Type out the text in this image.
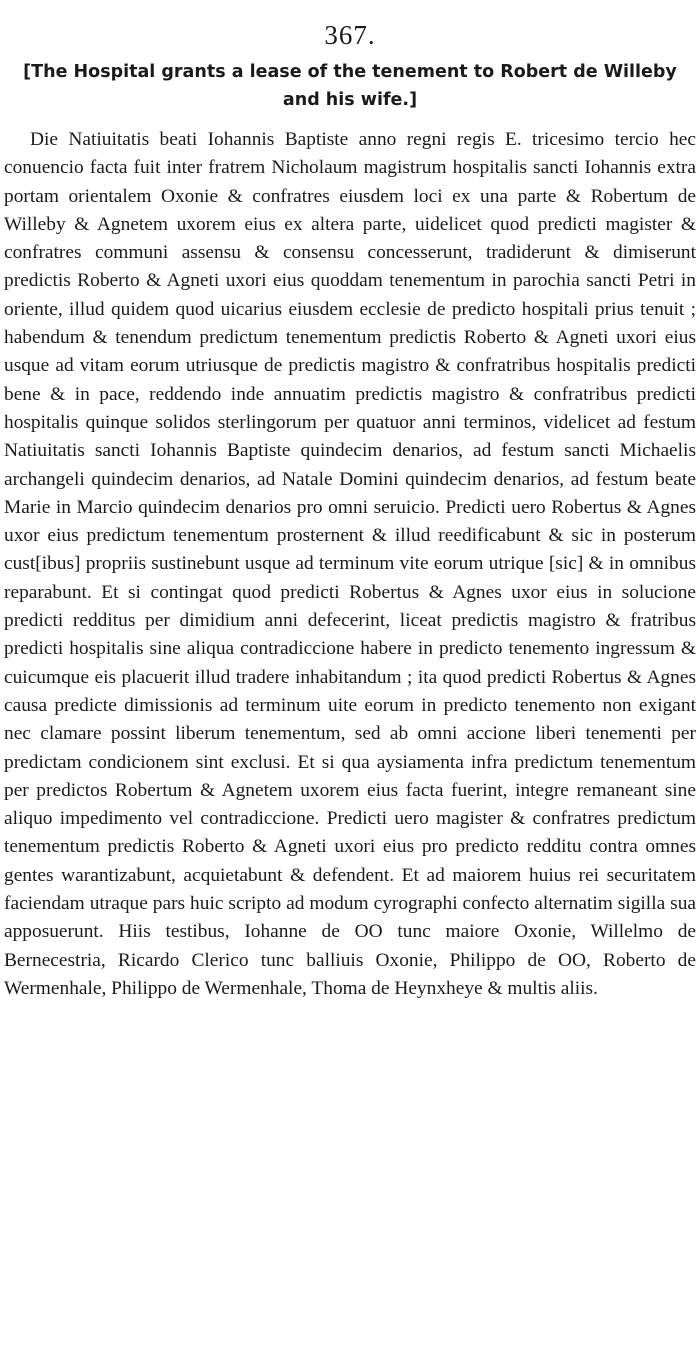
367.
[The Hospital grants a lease of the tenement to Robert de Willeby and his wife.]

Die Natiuitatis beati Iohannis Baptiste anno regni regis E. tricesimo tercio hec conuencio facta fuit inter fratrem Nicholaum magistrum hospitalis sancti Iohannis extra portam orientalem Oxonie & confratres eiusdem loci ex una parte & Robertum de Willeby & Agnetem uxorem eius ex altera parte, uidelicet quod predicti magister & confratres communi assensu & consensu concesserunt, tradiderunt & dimiserunt predictis Roberto & Agneti uxori eius quoddam tenementum in parochia sancti Petri in oriente, illud quidem quod uicarius eiusdem ecclesie de predicto hospitali prius tenuit ; habendum & tenendum predictum tenementum predictis Roberto & Agneti uxori eius usque ad vitam eorum utriusque de predictis magistro & confratribus hospitalis predicti bene & in pace, reddendo inde annuatim predictis magistro & confratribus predicti hospitalis quinque solidos sterlingorum per quatuor anni terminos, videlicet ad festum Natiuitatis sancti Iohannis Baptiste quindecim denarios, ad festum sancti Michaelis archangeli quindecim denarios, ad Natale Domini quindecim denarios, ad festum beate Marie in Marcio quindecim denarios pro omni seruicio. Predicti uero Robertus & Agnes uxor eius predictum tenementum prosternent & illud reedificabunt & sic in posterum cust[ibus] propriis sustinebunt usque ad terminum vite eorum utrique [sic] & in omnibus reparabunt. Et si contingat quod predicti Robertus & Agnes uxor eius in solucione predicti redditus per dimidium anni defecerint, liceat predictis magistro & fratribus predicti hospitalis sine aliqua contradiccione habere in predicto tenemento ingressum & cuicumque eis placuerit illud tradere inhabitandum ; ita quod predicti Robertus & Agnes causa predicte dimissionis ad terminum uite eorum in predicto tenemento non exigant nec clamare possint liberum tenementum, sed ab omni accione liberi tenementi per predictam condicionem sint exclusi. Et si qua aysiamenta infra predictum tenementum per predictos Robertum & Agnetem uxorem eius facta fuerint, integre remaneant sine aliquo impedimento vel contradiccione. Predicti uero magister & confratres predictum tenementum predictis Roberto & Agneti uxori eius pro predicto redditu contra omnes gentes warantizabunt, acquietabunt & defendent. Et ad maiorem huius rei securitatem faciendam utraque pars huic scripto ad modum cyrographi confecto alternatim sigilla sua apposuerunt. Hiis testibus, Iohanne de OO tunc maiore Oxonie, Willelmo de Bernecestria, Ricardo Clerico tunc balliuis Oxonie, Philippo de OO, Roberto de Wermenhale, Philippo de Wermenhale, Thoma de Heynxheye & multis aliis.
